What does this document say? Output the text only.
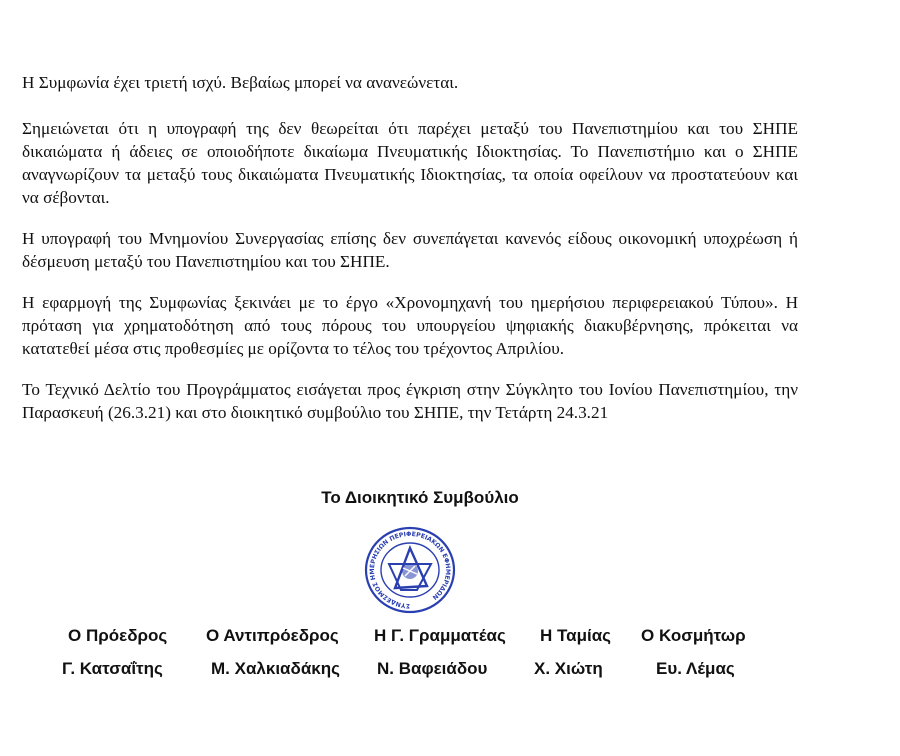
Η Συμφωνία έχει τριετή ισχύ. Βεβαίως μπορεί να ανανεώνεται.

Σημειώνεται ότι η υπογραφή της δεν θεωρείται ότι παρέχει μεταξύ του Πανεπιστημίου και του ΣΗΠΕ δικαιώματα ή άδειες σε οποιοδήποτε δικαίωμα Πνευματικής Ιδιοκτησίας. Το Πανεπιστήμιο και ο ΣΗΠΕ αναγνωρίζουν τα μεταξύ τους δικαιώματα Πνευματικής Ιδιοκτησίας, τα οποία οφείλουν να προστατεύουν και να σέβονται.

Η υπογραφή του Μνημονίου Συνεργασίας επίσης δεν συνεπάγεται κανενός είδους οικονομική υποχρέωση ή δέσμευση μεταξύ του Πανεπιστημίου και του ΣΗΠΕ.

Η εφαρμογή της Συμφωνίας ξεκινάει με το έργο «Χρονομηχανή του ημερήσιου περιφερειακού Τύπου». Η πρόταση για χρηματοδότηση από τους πόρους του υπουργείου ψηφιακής διακυβέρνησης, πρόκειται να κατατεθεί μέσα στις προθεσμίες με ορίζοντα το τέλος του τρέχοντος Απριλίου.

Το Τεχνικό Δελτίο του Προγράμματος εισάγεται προς έγκριση στην Σύγκλητο του Ιονίου Πανεπιστημίου, την Παρασκευή (26.3.21) και στο διοικητικό συμβούλιο του ΣΗΠΕ, την Τετάρτη 24.3.21

Το Διοικητικό Συμβούλιο
ΣΥΝΔΕΣΜΟΣ ΗΜΕΡΗΣΙΩΝ ΠΕΡΙΦΕΡΕΙΑΚΩΝ ΕΦΗΜΕΡΙΔΩΝ
Ο Πρόεδρος Ο Αντιπρόεδρος Η Γ. Γραμματέας Η Ταμίας Ο Κοσμήτωρ
Γ. Κατσαΐτης	Μ. Χαλκιαδάκης Ν. Βαφειάδου	Χ. Χιώτη	Ευ. Λέμας
